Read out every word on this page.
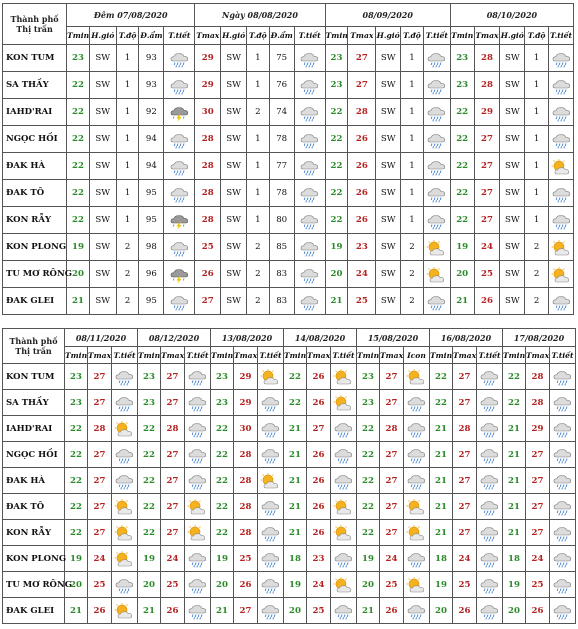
Thành phố
Thị trấn	Đêm 07/08/2020					Ngày 08/08/2020					08/09/2020					08/10/2020				
	Tmin	H.gió	T.độ	Đ.ẩm	T.tiết	Tmax	H.gió	T.độ	Đ.ẩm	T.tiết	Tmin	Tmax	H.gió	T.độ	T.tiết	Tmin	Tmax	H.gió	T.độ	T.tiết
KON TUM	23	SW	1	93		29	SW	1	75		23	27	SW	1		23	28	SW	1	
SA THẦY	22	SW	1	93		29	SW	1	76		23	27	SW	1		23	28	SW	1	
IAHD'RAI	22	SW	1	92		30	SW	2	74		22	28	SW	1		22	29	SW	1	
NGỌC HỒI	22	SW	1	94		28	SW	1	78		22	26	SW	1		22	27	SW	1	
ĐAK HÀ	22	SW	1	94		28	SW	1	77		22	26	SW	1		22	27	SW	1	
ĐAK TÔ	22	SW	1	95		28	SW	1	78		22	26	SW	1		22	27	SW	1	
KON RẪY	22	SW	1	95		28	SW	1	80		22	26	SW	1		22	27	SW	1	
KON PLONG	19	SW	2	98		25	SW	2	85		19	23	SW	2		19	24	SW	2	
TU MƠ RÔNG	20	SW	2	96		26	SW	2	83		20	24	SW	2		20	25	SW	2	
ĐAK GLEI	21	SW	2	95		27	SW	2	83		21	25	SW	2		21	26	SW	2	
Thành phố
Thị trấn	08/11/2020			08/12/2020			13/08/2020			14/08/2020			15/08/2020			16/08/2020			17/08/2020		
	Tmin	Tmax	T.tiết	Tmin	Tmax	T.tiết	Tmin	Tmax	T.tiết	Tmin	Tmax	T.tiết	Tmin	Tmax	Icon	Tmin	Tmax	T.tiết	Tmin	Tmax	T.tiết
KON TUM	23	27		23	27		23	29		22	26		23	27		22	27		22	28	
SA THẦY	23	27		23	27		23	29		22	26		23	27		22	27		22	28	
IAHD'RAI	22	28		22	28		22	30		21	27		22	28		21	28		21	29	
NGỌC HỒI	22	27		22	27		22	28		21	26		22	27		21	27		21	27	
ĐAK HÀ	22	27		22	27		22	28		21	26		22	27		21	27		21	27	
ĐAK TÔ	22	27		22	27		22	28		21	26		22	27		21	27		21	27	
KON RẪY	22	27		22	27		22	28		21	26		22	27		21	27		21	27	
KON PLONG	19	24		19	24		19	25		18	23		19	24		18	24		18	24	
TU MƠ RÔNG	20	25		20	25		20	26		19	24		20	25		19	25		19	25	
ĐAK GLEI	21	26		21	26		21	27		20	25		21	26		20	26		20	26	
